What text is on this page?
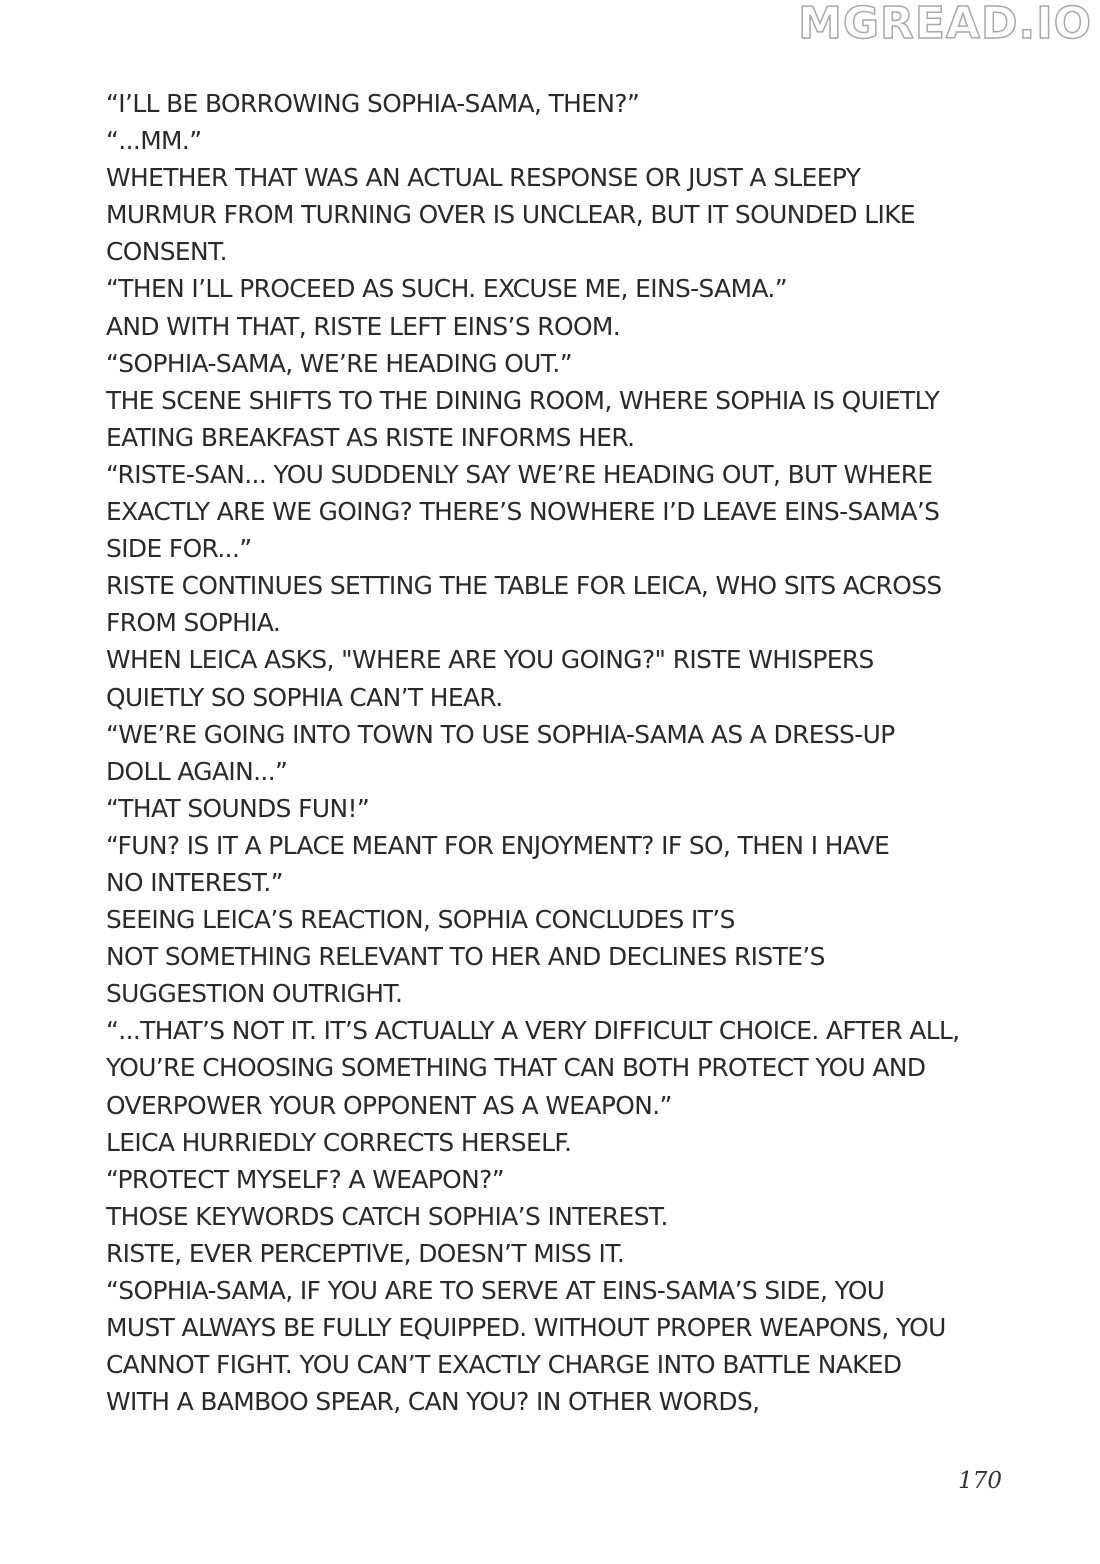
MGREAD.IO
“I’LL BE BORROWING SOPHIA-SAMA, THEN?”
“...MM.”
WHETHER THAT WAS AN ACTUAL RESPONSE OR JUST A SLEEPY
MURMUR FROM TURNING OVER IS UNCLEAR, BUT IT SOUNDED LIKE
CONSENT.
“THEN I’LL PROCEED AS SUCH. EXCUSE ME, EINS-SAMA.”
AND WITH THAT, RISTE LEFT EINS’S ROOM.
“SOPHIA-SAMA, WE’RE HEADING OUT.”
THE SCENE SHIFTS TO THE DINING ROOM, WHERE SOPHIA IS QUIETLY
EATING BREAKFAST AS RISTE INFORMS HER.
“RISTE-SAN... YOU SUDDENLY SAY WE’RE HEADING OUT, BUT WHERE
EXACTLY ARE WE GOING? THERE’S NOWHERE I’D LEAVE EINS-SAMA’S
SIDE FOR...”
RISTE CONTINUES SETTING THE TABLE FOR LEICA, WHO SITS ACROSS
FROM SOPHIA.
WHEN LEICA ASKS, "WHERE ARE YOU GOING?" RISTE WHISPERS
QUIETLY SO SOPHIA CAN’T HEAR.
“WE’RE GOING INTO TOWN TO USE SOPHIA-SAMA AS A DRESS-UP
DOLL AGAIN...”
“THAT SOUNDS FUN!”
“FUN? IS IT A PLACE MEANT FOR ENJOYMENT? IF SO, THEN I HAVE
NO INTEREST.”
SEEING LEICA’S REACTION, SOPHIA CONCLUDES IT’S
NOT SOMETHING RELEVANT TO HER AND DECLINES RISTE’S
SUGGESTION OUTRIGHT.
“...THAT’S NOT IT. IT’S ACTUALLY A VERY DIFFICULT CHOICE. AFTER ALL,
YOU’RE CHOOSING SOMETHING THAT CAN BOTH PROTECT YOU AND
OVERPOWER YOUR OPPONENT AS A WEAPON.”
LEICA HURRIEDLY CORRECTS HERSELF.
“PROTECT MYSELF? A WEAPON?”
THOSE KEYWORDS CATCH SOPHIA’S INTEREST.
RISTE, EVER PERCEPTIVE, DOESN’T MISS IT.
“SOPHIA-SAMA, IF YOU ARE TO SERVE AT EINS-SAMA’S SIDE, YOU
MUST ALWAYS BE FULLY EQUIPPED. WITHOUT PROPER WEAPONS, YOU
CANNOT FIGHT. YOU CAN’T EXACTLY CHARGE INTO BATTLE NAKED
WITH A BAMBOO SPEAR, CAN YOU? IN OTHER WORDS,
170
